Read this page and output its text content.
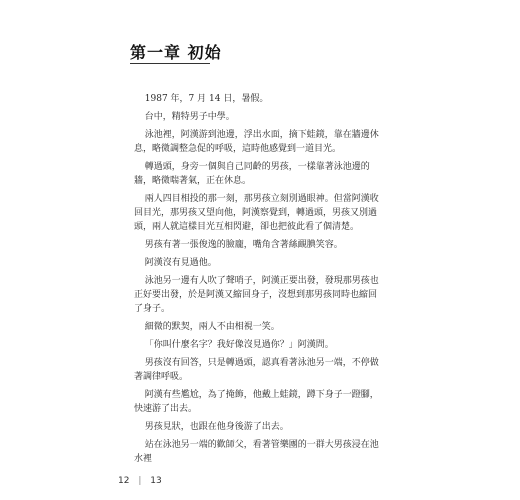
第一章 初始

1987 年，7 月 14 日，暑假。

台中，精特男子中學。

泳池裡，阿漢游到池邊，浮出水面，摘下蛙鏡，靠在牆邊休息，略微調整急促的呼吸，這時他感覺到一道目光。

轉過頭，身旁一個與自己同齡的男孩，一樣靠著泳池邊的牆，略微喘著氣，正在休息。

兩人四目相投的那一刻，那男孩立刻別過眼神。但當阿漢收回目光，那男孩又望向他，阿漢察覺到，轉過頭，男孩又別過頭，兩人就這樣目光互相閃避，卻也把彼此看了個清楚。

男孩有著一張俊逸的臉龐，嘴角含著絲靦腆笑容。

阿漢沒有見過他。

泳池另一邊有人吹了聲哨子，阿漢正要出發，發現那男孩也正好要出發，於是阿漢又縮回身子，沒想到那男孩同時也縮回了身子。

細微的默契，兩人不由相視一笑。

「你叫什麼名字？我好像沒見過你？」阿漢問。

男孩沒有回答，只是轉過頭，認真看著泳池另一端，不停做著調律呼吸。

阿漢有些尷尬，為了掩飾，他戴上蛙鏡，蹲下身子一蹬腳，快速游了出去。

男孩見狀，也跟在他身後游了出去。

站在泳池另一端的歡師父，看著管樂團的一群大男孩浸在池水裡

12 | 13
